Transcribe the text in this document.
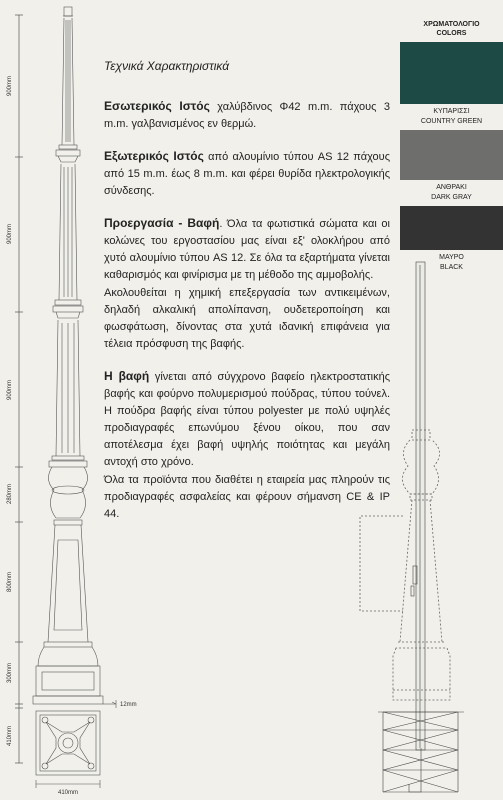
900mm
900mm
900mm
280mm
800mm
300mm
410mm
12mm
410mm
Τεχνικά Χαρακτηριστικά

Εσωτερικός Ιστός χαλύβδινος Φ42 m.m. πάχους 3 m.m. γαλβανισμένος εν θερμώ.

Εξωτερικός Ιστός από αλουμίνιο τύπου AS 12 πάχους από 15 m.m. έως 8 m.m. και φέρει θυρίδα ηλεκτρολογικής σύνδεσης.

Προεργασία - Βαφή. Όλα τα φωτιστικά σώματα και οι κολώνες του εργοστασίου μας είναι εξ' ολοκλήρου από χυτό αλουμίνιο τύπου AS 12. Σε όλα τα εξαρτήματα γίνεται καθαρισμός και φινίρισμα με τη μέθοδο της αμμοβολής.

Ακολουθείται η χημική επεξεργασία των αντικειμένων, δηλαδή αλκαλική απολίπανση, ουδετεροποίηση και φωσφάτωση, δίνοντας στα χυτά ιδανική επιφάνεια για τέλεια πρόσφυση της βαφής.

Η βαφή γίνεται από σύγχρονο βαφείο ηλεκτροστατικής βαφής και φούρνο πολυμερισμού πούδρας, τύπου τούνελ. Η πούδρα βαφής είναι τύπου polyester με πολύ υψηλές προδιαγραφές επωνύμου ξένου οίκου, που σαν αποτέλεσμα έχει βαφή υψηλής ποιότητας και μεγάλη αντοχή στο χρόνο.

Όλα τα προϊόντα που διαθέτει η εταιρεία μας πληρούν τις προδιαγραφές ασφαλείας και φέρουν σήμανση CE & IP 44.

ΧΡΩΜΑΤΟΛΟΓΙΟ
COLORS
ΚΥΠΑΡΙΣΣΙ
COUNTRY GREEN
ΑΝΘΡΑΚΙ
DARK GRAY
ΜΑΥΡΟ
BLACK
